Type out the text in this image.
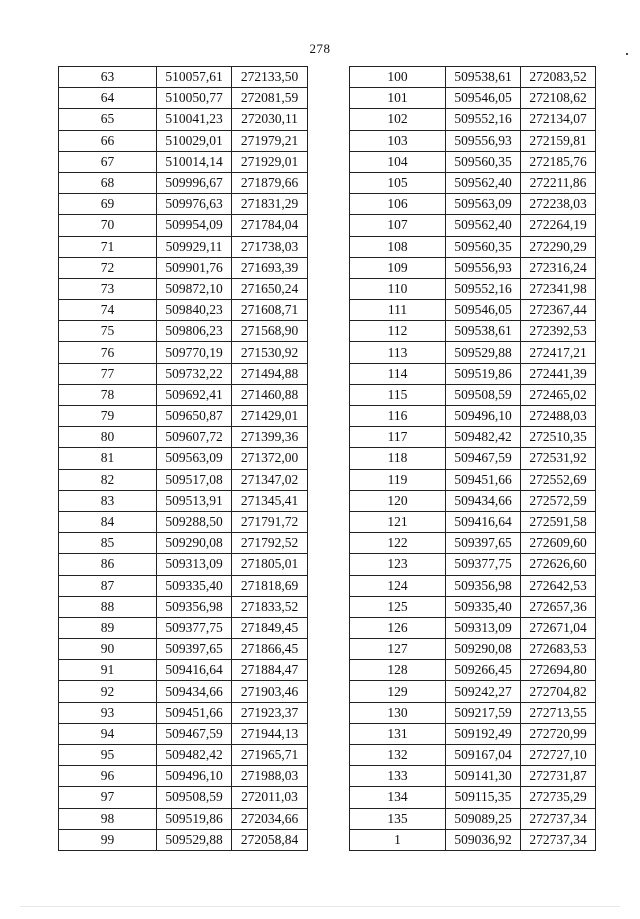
278
63	510057,61	272133,50
64	510050,77	272081,59
65	510041,23	272030,11
66	510029,01	271979,21
67	510014,14	271929,01
68	509996,67	271879,66
69	509976,63	271831,29
70	509954,09	271784,04
71	509929,11	271738,03
72	509901,76	271693,39
73	509872,10	271650,24
74	509840,23	271608,71
75	509806,23	271568,90
76	509770,19	271530,92
77	509732,22	271494,88
78	509692,41	271460,88
79	509650,87	271429,01
80	509607,72	271399,36
81	509563,09	271372,00
82	509517,08	271347,02
83	509513,91	271345,41
84	509288,50	271791,72
85	509290,08	271792,52
86	509313,09	271805,01
87	509335,40	271818,69
88	509356,98	271833,52
89	509377,75	271849,45
90	509397,65	271866,45
91	509416,64	271884,47
92	509434,66	271903,46
93	509451,66	271923,37
94	509467,59	271944,13
95	509482,42	271965,71
96	509496,10	271988,03
97	509508,59	272011,03
98	509519,86	272034,66
99	509529,88	272058,84
100	509538,61	272083,52
101	509546,05	272108,62
102	509552,16	272134,07
103	509556,93	272159,81
104	509560,35	272185,76
105	509562,40	272211,86
106	509563,09	272238,03
107	509562,40	272264,19
108	509560,35	272290,29
109	509556,93	272316,24
110	509552,16	272341,98
111	509546,05	272367,44
112	509538,61	272392,53
113	509529,88	272417,21
114	509519,86	272441,39
115	509508,59	272465,02
116	509496,10	272488,03
117	509482,42	272510,35
118	509467,59	272531,92
119	509451,66	272552,69
120	509434,66	272572,59
121	509416,64	272591,58
122	509397,65	272609,60
123	509377,75	272626,60
124	509356,98	272642,53
125	509335,40	272657,36
126	509313,09	272671,04
127	509290,08	272683,53
128	509266,45	272694,80
129	509242,27	272704,82
130	509217,59	272713,55
131	509192,49	272720,99
132	509167,04	272727,10
133	509141,30	272731,87
134	509115,35	272735,29
135	509089,25	272737,34
1	509036,92	272737,34
